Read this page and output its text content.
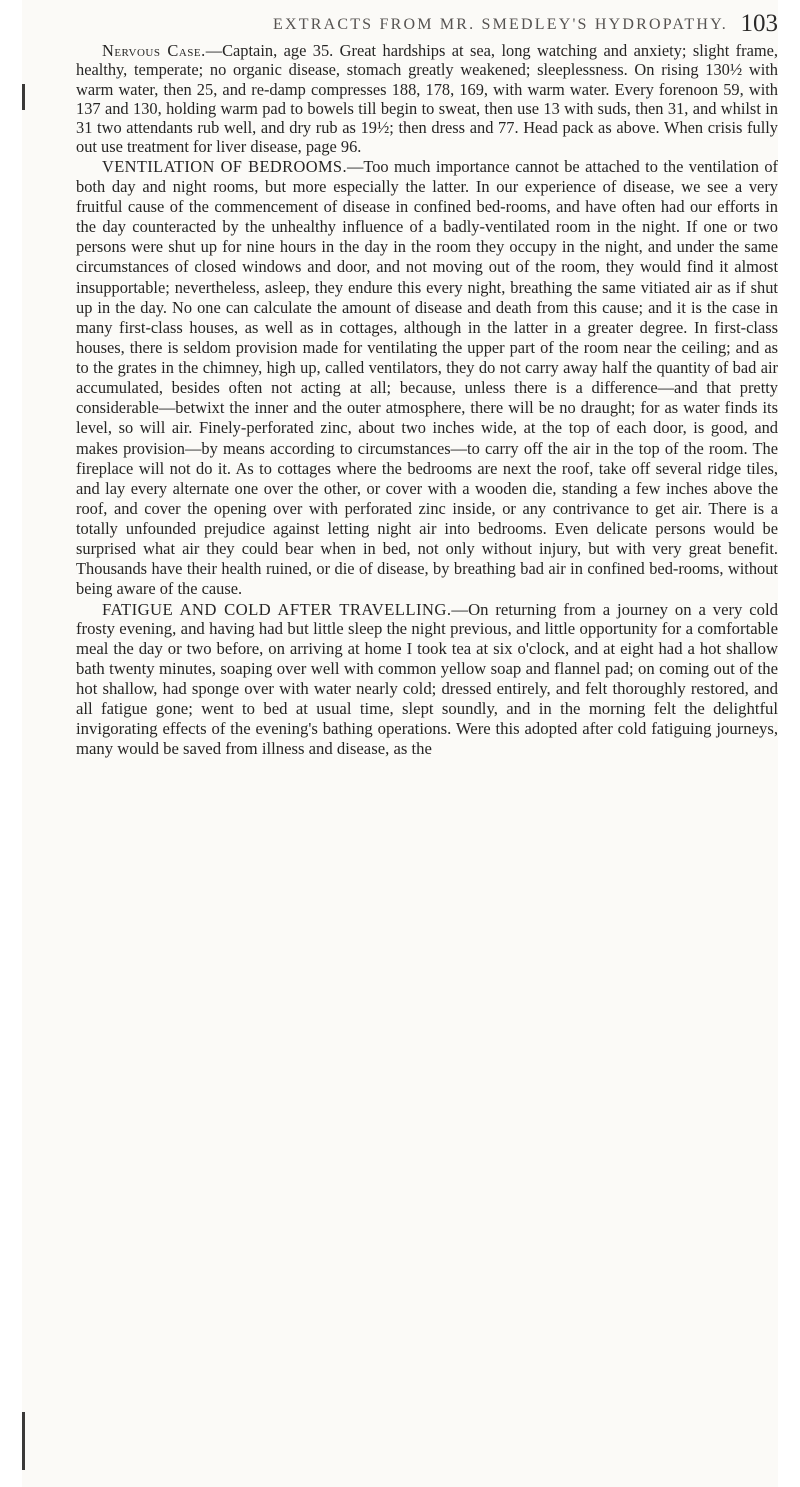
EXTRACTS FROM MR. SMEDLEY'S HYDROPATHY. 103

Nervous Case.—Captain, age 35. Great hardships at sea, long watching and anxiety; slight frame, healthy, temperate; no organic disease, stomach greatly weakened; sleeplessness. On rising 130½ with warm water, then 25, and re-damp compresses 188, 178, 169, with warm water. Every forenoon 59, with 137 and 130, holding warm pad to bowels till begin to sweat, then use 13 with suds, then 31, and whilst in 31 two attendants rub well, and dry rub as 19½; then dress and 77. Head pack as above. When crisis fully out use treatment for liver disease, page 96.

VENTILATION OF BEDROOMS.—Too much importance cannot be attached to the ventilation of both day and night rooms, but more especially the latter. In our experience of disease, we see a very fruitful cause of the commencement of disease in confined bed-rooms, and have often had our efforts in the day counteracted by the unhealthy influence of a badly-ventilated room in the night. If one or two persons were shut up for nine hours in the day in the room they occupy in the night, and under the same circumstances of closed windows and door, and not moving out of the room, they would find it almost insupportable; nevertheless, asleep, they endure this every night, breathing the same vitiated air as if shut up in the day. No one can calculate the amount of disease and death from this cause; and it is the case in many first-class houses, as well as in cottages, although in the latter in a greater degree. In first-class houses, there is seldom provision made for ventilating the upper part of the room near the ceiling; and as to the grates in the chimney, high up, called ventilators, they do not carry away half the quantity of bad air accumulated, besides often not acting at all; because, unless there is a difference—and that pretty considerable—betwixt the inner and the outer atmosphere, there will be no draught; for as water finds its level, so will air. Finely-perforated zinc, about two inches wide, at the top of each door, is good, and makes provision—by means according to circumstances—to carry off the air in the top of the room. The fireplace will not do it. As to cottages where the bedrooms are next the roof, take off several ridge tiles, and lay every alternate one over the other, or cover with a wooden die, standing a few inches above the roof, and cover the opening over with perforated zinc inside, or any contrivance to get air. There is a totally unfounded prejudice against letting night air into bedrooms. Even delicate persons would be surprised what air they could bear when in bed, not only without injury, but with very great benefit. Thousands have their health ruined, or die of disease, by breathing bad air in confined bed-rooms, without being aware of the cause.

FATIGUE AND COLD AFTER TRAVELLING.—On returning from a journey on a very cold frosty evening, and having had but little sleep the night previous, and little opportunity for a comfortable meal the day or two before, on arriving at home I took tea at six o'clock, and at eight had a hot shallow bath twenty minutes, soaping over well with common yellow soap and flannel pad; on coming out of the hot shallow, had sponge over with water nearly cold; dressed entirely, and felt thoroughly restored, and all fatigue gone; went to bed at usual time, slept soundly, and in the morning felt the delightful invigorating effects of the evening's bathing operations. Were this adopted after cold fatiguing journeys, many would be saved from illness and disease, as the
